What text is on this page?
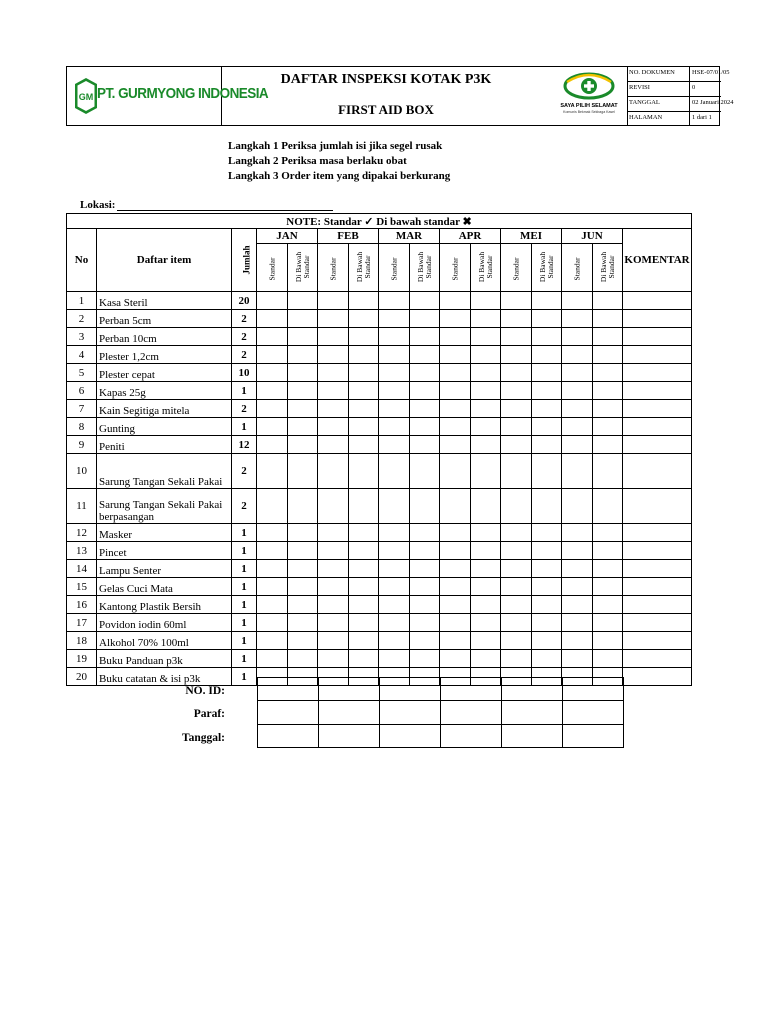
GM PT. GURMYONG INDONESIA
DAFTAR INSPEKSI KOTAK P3K
FIRST AID BOX	SAYA PILIH SELAMAT
Komunis Bekmak Sekbaga Kasel
NO. DOKUMEN	HSE-07/01/05
REVISI	0
TANGGAL	02 Januari 2024
HALAMAN	1 dari 1
Langkah 1 Periksa jumlah isi jika segel rusak
Langkah 2 Periksa masa berlaku obat
Langkah 3 Order item yang dipakai berkurang
Lokasi:
NOTE: Standar ✓ Di bawah standar ✖															
No	Daftar item	Jumlah	JAN		FEB		MAR		APR		MEI		JUN		KOMENTAR
			Standar	Di Bawah Standar	Standar	Di Bawah Standar	Standar	Di Bawah Standar	Standar	Di Bawah Standar	Standar	Di Bawah Standar	Standar	Di Bawah Standar	

1	Kasa Steril	20													
2	Perban 5cm	2													
3	Perban 10cm	2													
4	Plester 1,2cm	2													
5	Plester cepat	10													
6	Kapas 25g	1													
7	Kain Segitiga mitela	2													
8	Gunting	1													
9	Peniti	12													
10	Sarung Tangan Sekali Pakai	2													
11	Sarung Tangan Sekali Pakai berpasangan	2													
12	Masker	1													
13	Pincet	1													
14	Lampu Senter	1													
15	Gelas Cuci Mata	1													
16	Kantong Plastik Bersih	1													
17	Povidon iodin 60ml	1													
18	Alkohol 70% 100ml	1													
19	Buku Panduan p3k	1													
20	Buku catatan & isi p3k	1													
NO. ID:
Paraf:
Tanggal:
